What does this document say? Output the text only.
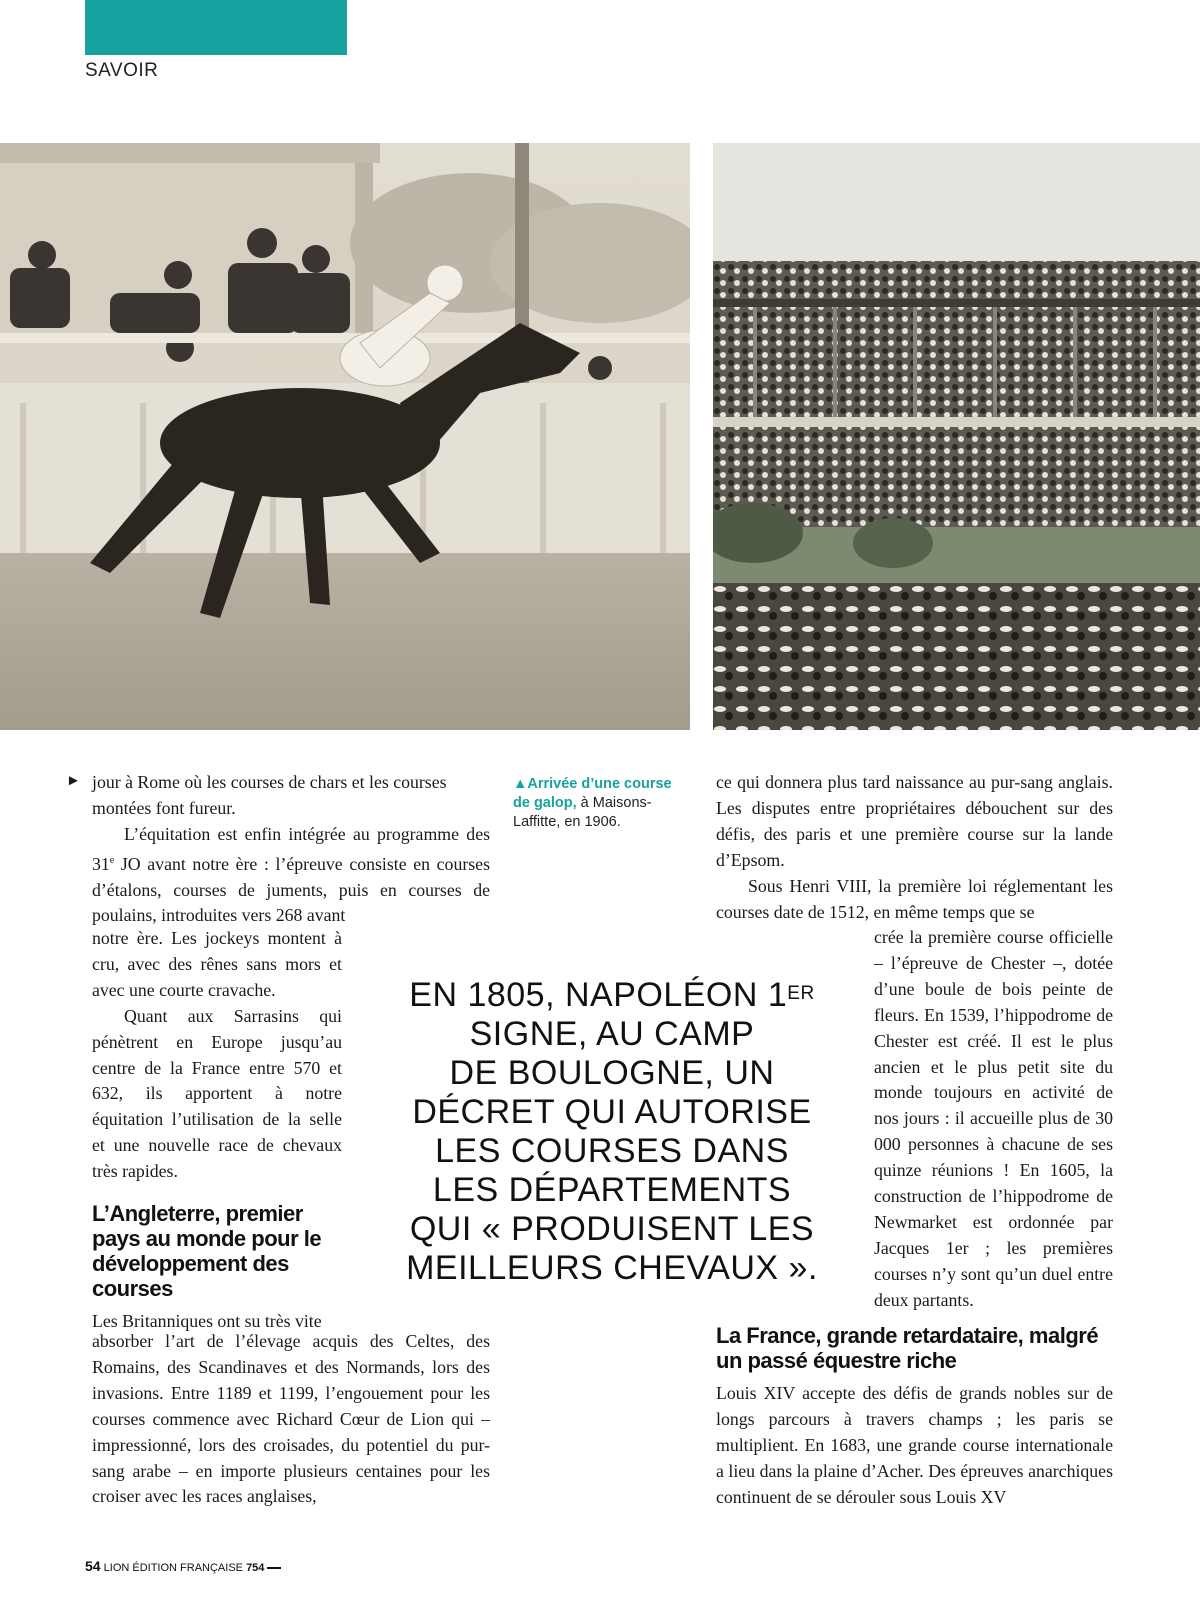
SAVOIR
▲Arrivée d’une course
de galop, à Maisons-
Laffitte, en 1906.
► jour à Rome où les courses de chars et les courses
montées font fureur.

L’équitation est enfin intégrée au programme des 31e JO avant notre ère : l’épreuve consiste en courses d’étalons, courses de juments, puis en courses de poulains, introduites vers 268 avant

notre ère. Les jockeys montent à cru, avec des rênes sans mors et avec une courte cravache.

Quant aux Sarrasins qui pénètrent en Europe jusqu’au centre de la France entre 570 et 632, ils apportent à notre équitation l’utilisation de la selle et une nouvelle race de chevaux très rapides.

L’Angleterre, premier pays au monde pour le développement des courses

Les Britanniques ont su très vite

absorber l’art de l’élevage acquis des Celtes, des Romains, des Scandinaves et des Normands, lors des invasions. Entre 1189 et 1199, l’engouement pour les courses commence avec Richard Cœur de Lion qui – impressionné, lors des croisades, du potentiel du pur-sang arabe – en importe plusieurs centaines pour les croiser avec les races anglaises,

EN 1805, NAPOLÉON 1ER
SIGNE, AU CAMP
DE BOULOGNE, UN
DÉCRET QUI AUTORISE
LES COURSES DANS
LES DÉPARTEMENTS
QUI « PRODUISENT LES
MEILLEURS CHEVAUX ».

ce qui donnera plus tard naissance au pur-sang anglais. Les disputes entre propriétaires débouchent sur des défis, des paris et une première course sur la lande d’Epsom.

Sous Henri VIII, la première loi réglementant les courses date de 1512, en même temps que se

crée la première course officielle – l’épreuve de Chester –, dotée d’une boule de bois peinte de fleurs. En 1539, l’hippodrome de Chester est créé. Il est le plus ancien et le plus petit site du monde toujours en activité de nos jours : il accueille plus de 30 000 personnes à chacune de ses quinze réunions ! En 1605, la construction de l’hippodrome de Newmarket est ordonnée par Jacques 1er ; les premières courses n’y sont qu’un duel entre deux partants.

La France, grande retardataire, malgré un passé équestre riche

Louis XIV accepte des défis de grands nobles sur de longs parcours à travers champs ; les paris se multiplient. En 1683, une grande course internationale a lieu dans la plaine d’Acher. Des épreuves anarchiques continuent de se dérouler sous Louis XV

54 LION ÉDITION FRANÇAISE 754
